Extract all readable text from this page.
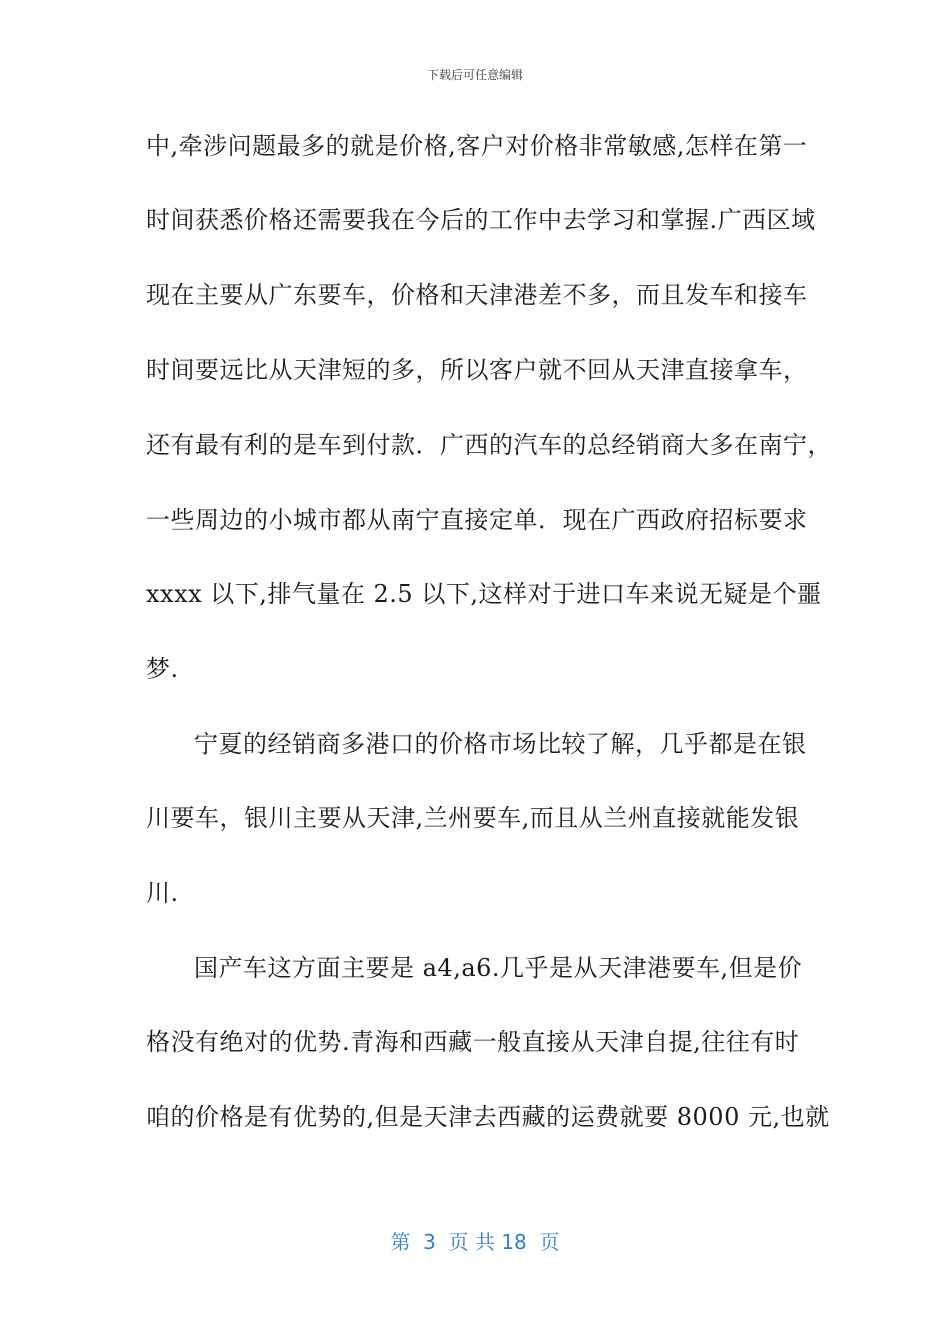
下载后可任意编辑
中,牵涉问题最多的就是价格,客户对价格非常敏感,怎样在第一
时间获悉价格还需要我在今后的工作中去学习和掌握.广西区域
现在主要从广东要车，价格和天津港差不多，而且发车和接车
时间要远比从天津短的多，所以客户就不回从天津直接拿车，
还有最有利的是车到付款．广西的汽车的总经销商大多在南宁，
一些周边的小城市都从南宁直接定单．现在广西政府招标要求
xxxx 以下,排气量在 2.5 以下,这样对于进口车来说无疑是个噩
梦.
宁夏的经销商多港口的价格市场比较了解，几乎都是在银
川要车，银川主要从天津,兰州要车,而且从兰州直接就能发银
川.
国产车这方面主要是 a4,a6.几乎是从天津港要车,但是价
格没有绝对的优势.青海和西藏一般直接从天津自提,往往有时
咱的价格是有优势的,但是天津去西藏的运费就要 8000 元,也就
第  3  页 共 18  页
